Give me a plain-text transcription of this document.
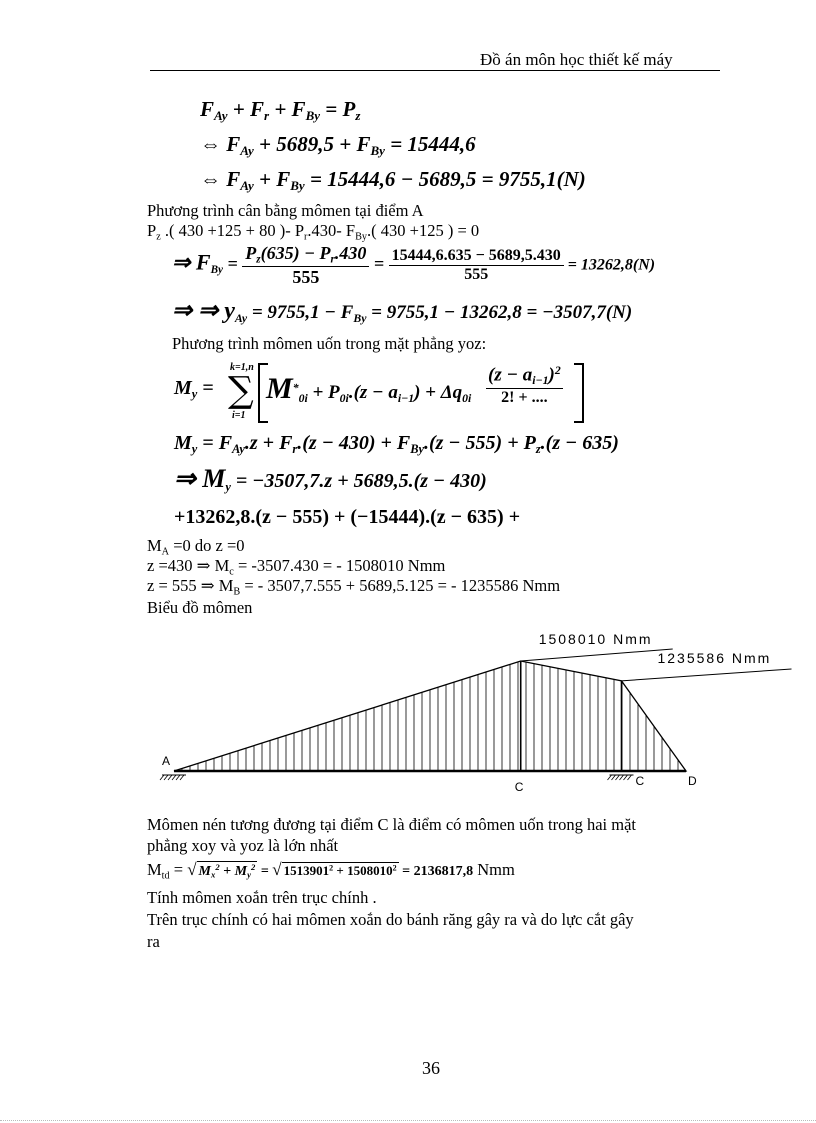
Đồ án môn học thiết kế máy
$F_{Ay} + F_r + F_{By} = P_z$
⇔ $F_{Ay} + 5689,5 + F_{By} = 15444,6$
⇔ $F_{Ay} + F_{By} = 15444,6 - 5689,5 = 9755,1(N)$
Phương trình cân bằng mômen tại điểm A
$P_z$ .( 430 +125 + 80 )- $P_r.430-$ $F_{By}$.( 430 +125 ) = 0
⇒ $F_{By} = \frac{P_z(635) - P_r.430}{555} = \frac{15444,6.635 - 5689,5.430}{555} = 13262,8(N)$
⇒ ⇒ $y_{Ay} = 9755,1 - F_{By} = 9755,1 - 13262,8 = -3507,7(N)$
Phương trình mômen uốn trong mặt phẳng yoz:
$M_y$ =
k=1,n
∑
i=1
$M^*_{0i} + P_{0i}.(z - a_{i-1}) + \Delta q_{0i}$
$(z - a_{i-1})^2$
2! + ....
$M_y = F_{Ay}.z + F_r.(z - 430) + F_{By}.(z - 555) + P_z.(z - 635)$
⇒ $M_y = -3507,7.z + 5689,5.(z - 430)$
+13262,8.(z − 555) + (−15444).(z − 635) +
$M_A =0$ do z =0
z =430 ⇒ $M_c = -3507.430$ = - 1508010 Nmm
z = 555 ⇒ $M_B$ = - 3507,7.555 + 5689,5.125 = - 1235586 Nmm
Biểu đồ mômen
1508010 Nmm
1235586 Nmm
A
C	C	D
Mômen nén tương đương tại điểm C là điểm có mômen uốn trong hai mặt
phẳng xoy và yoz là lớn nhất
$M_{td}$ = √ $M_x^2 + M_y^2$ = √ $1513901^2 + 1508010^2 = 2136817,8$ Nmm
Tính mômen xoắn trên trục chính .
Trên trục chính có hai mômen xoắn do bánh răng gây ra và do lực cắt gây
ra
36
